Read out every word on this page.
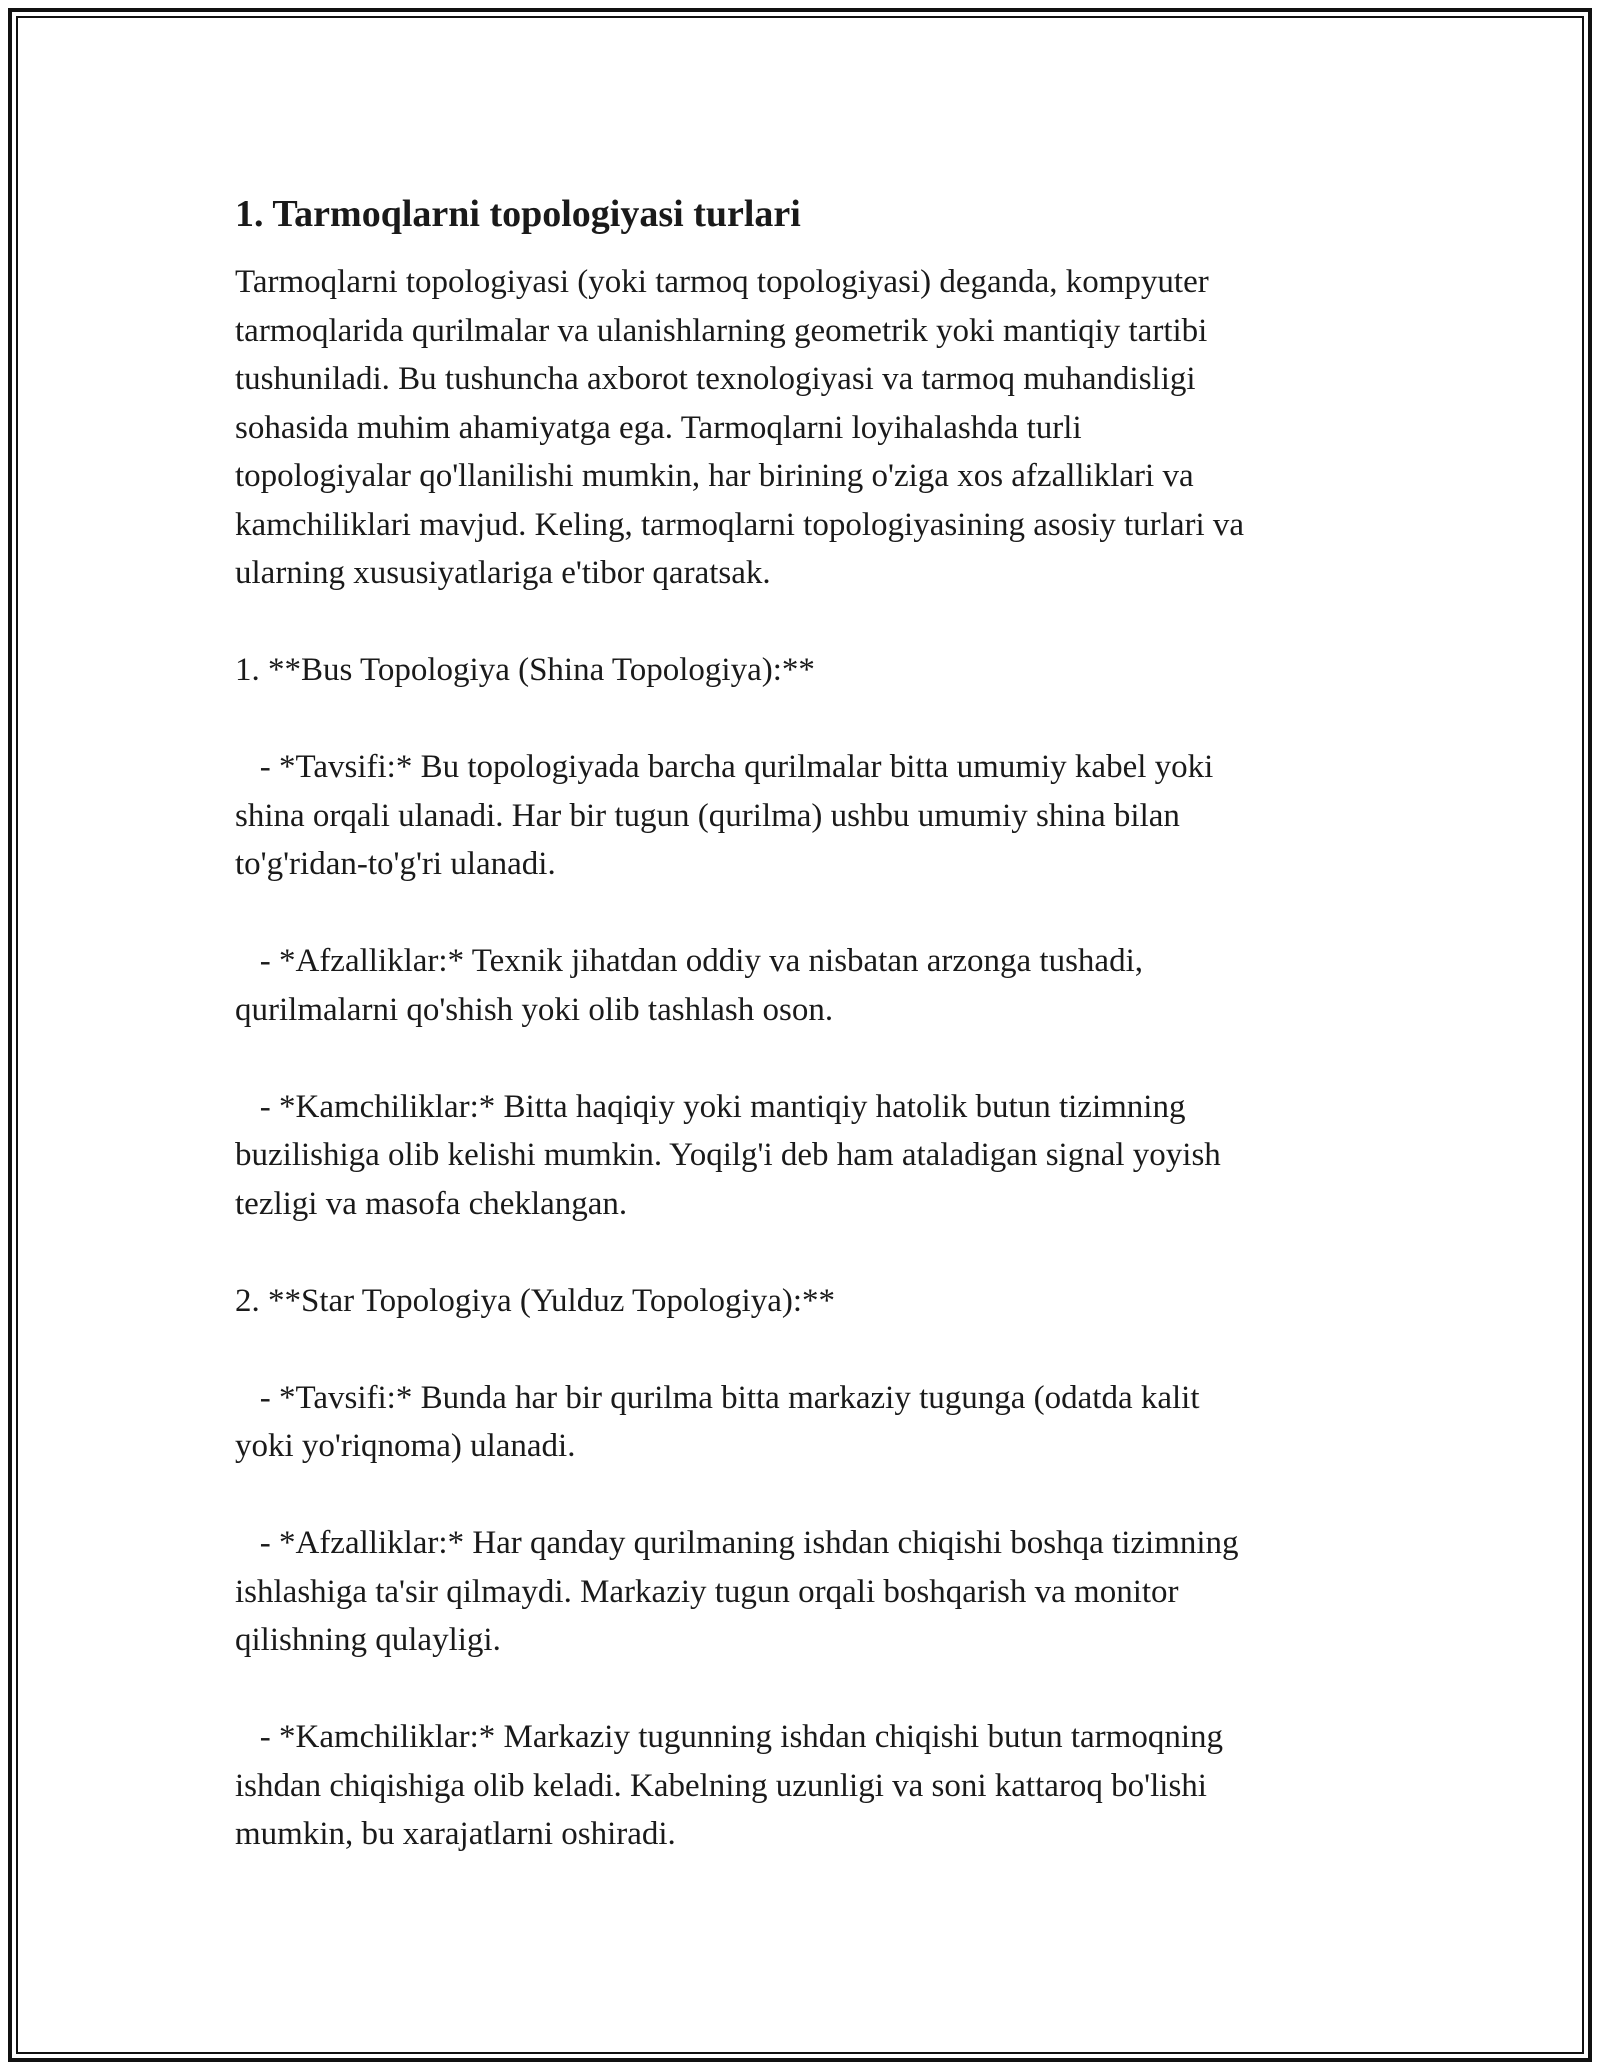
1. Tarmoqlarni topologiyasi turlari

Tarmoqlarni topologiyasi (yoki tarmoq topologiyasi) deganda, kompyuter
tarmoqlarida qurilmalar va ulanishlarning geometrik yoki mantiqiy tartibi
tushuniladi. Bu tushuncha axborot texnologiyasi va tarmoq muhandisligi
sohasida muhim ahamiyatga ega. Tarmoqlarni loyihalashda turli
topologiyalar qo'llanilishi mumkin, har birining o'ziga xos afzalliklari va
kamchiliklari mavjud. Keling, tarmoqlarni topologiyasining asosiy turlari va
ularning xususiyatlariga e'tibor qaratsak.

1. **Bus Topologiya (Shina Topologiya):**

- *Tavsifi:* Bu topologiyada barcha qurilmalar bitta umumiy kabel yoki
shina orqali ulanadi. Har bir tugun (qurilma) ushbu umumiy shina bilan
to'g'ridan-to'g'ri ulanadi.

- *Afzalliklar:* Texnik jihatdan oddiy va nisbatan arzonga tushadi,
qurilmalarni qo'shish yoki olib tashlash oson.

- *Kamchiliklar:* Bitta haqiqiy yoki mantiqiy hatolik butun tizimning
buzilishiga olib kelishi mumkin. Yoqilg'i deb ham ataladigan signal yoyish
tezligi va masofa cheklangan.

2. **Star Topologiya (Yulduz Topologiya):**

- *Tavsifi:* Bunda har bir qurilma bitta markaziy tugunga (odatda kalit
yoki yo'riqnoma) ulanadi.

- *Afzalliklar:* Har qanday qurilmaning ishdan chiqishi boshqa tizimning
ishlashiga ta'sir qilmaydi. Markaziy tugun orqali boshqarish va monitor
qilishning qulayligi.

- *Kamchiliklar:* Markaziy tugunning ishdan chiqishi butun tarmoqning
ishdan chiqishiga olib keladi. Kabelning uzunligi va soni kattaroq bo'lishi
mumkin, bu xarajatlarni oshiradi.
